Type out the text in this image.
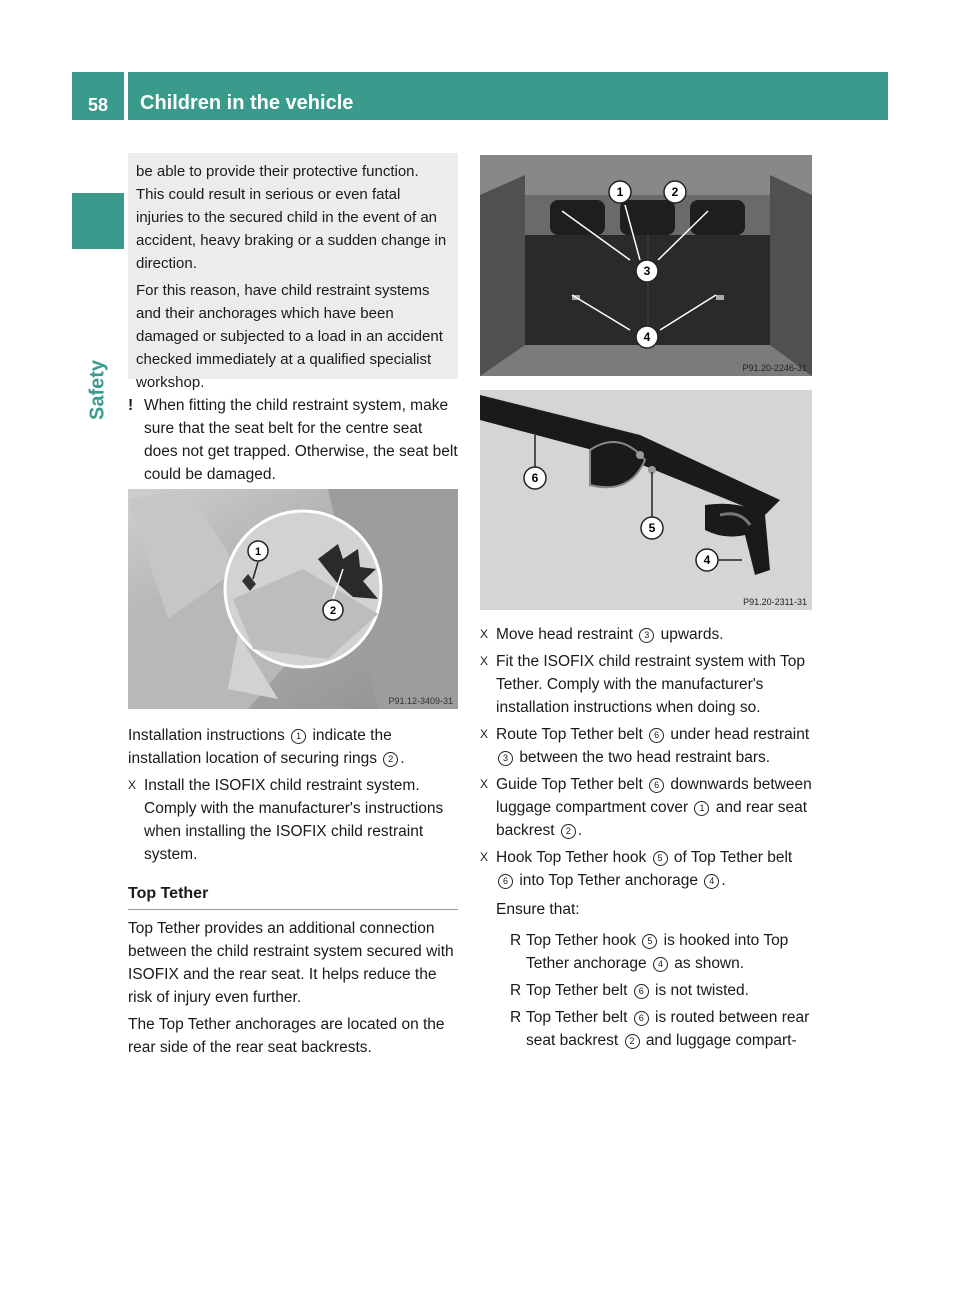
58	Children in the vehicle
Safety

be able to provide their protective function. This could result in serious or even fatal injuries to the secured child in the event of an accident, heavy braking or a sudden change in direction.

For this reason, have child restraint systems and their anchorages which have been damaged or subjected to a load in an accident checked immediately at a qualified specialist workshop.

! When fitting the child restraint system, make sure that the seat belt for the centre seat does not get trapped. Otherwise, the seat belt could be damaged.
1
2
P91.12-3409-31

Installation instructions 1 indicate the installation location of securing rings 2 .

X Install the ISOFIX child restraint system. Comply with the manufacturer's instructions when installing the ISOFIX child restraint system.
Top Tether

Top Tether provides an additional connection between the child restraint system secured with ISOFIX and the rear seat. It helps reduce the risk of injury even further.

The Top Tether anchorages are located on the rear side of the rear seat backrests.

1	2
3
4
P91.20-2246-31
6
5
4
P91.20-2311-31
X Move head restraint 3 upwards.
X Fit the ISOFIX child restraint system with Top Tether. Comply with the manufacturer's installation instructions when doing so.
X Route Top Tether belt 6 under head restraint 3 between the two head restraint bars.
X Guide Top Tether belt 6 downwards between luggage compartment cover 1 and rear seat backrest 2 .
X Hook Top Tether hook 5 of Top Tether belt 6 into Top Tether anchorage 4 .
Ensure that:
R Top Tether hook 5 is hooked into Top Tether anchorage 4 as shown.
R Top Tether belt 6 is not twisted.
R Top Tether belt 6 is routed between rear seat backrest 2 and luggage compart-
